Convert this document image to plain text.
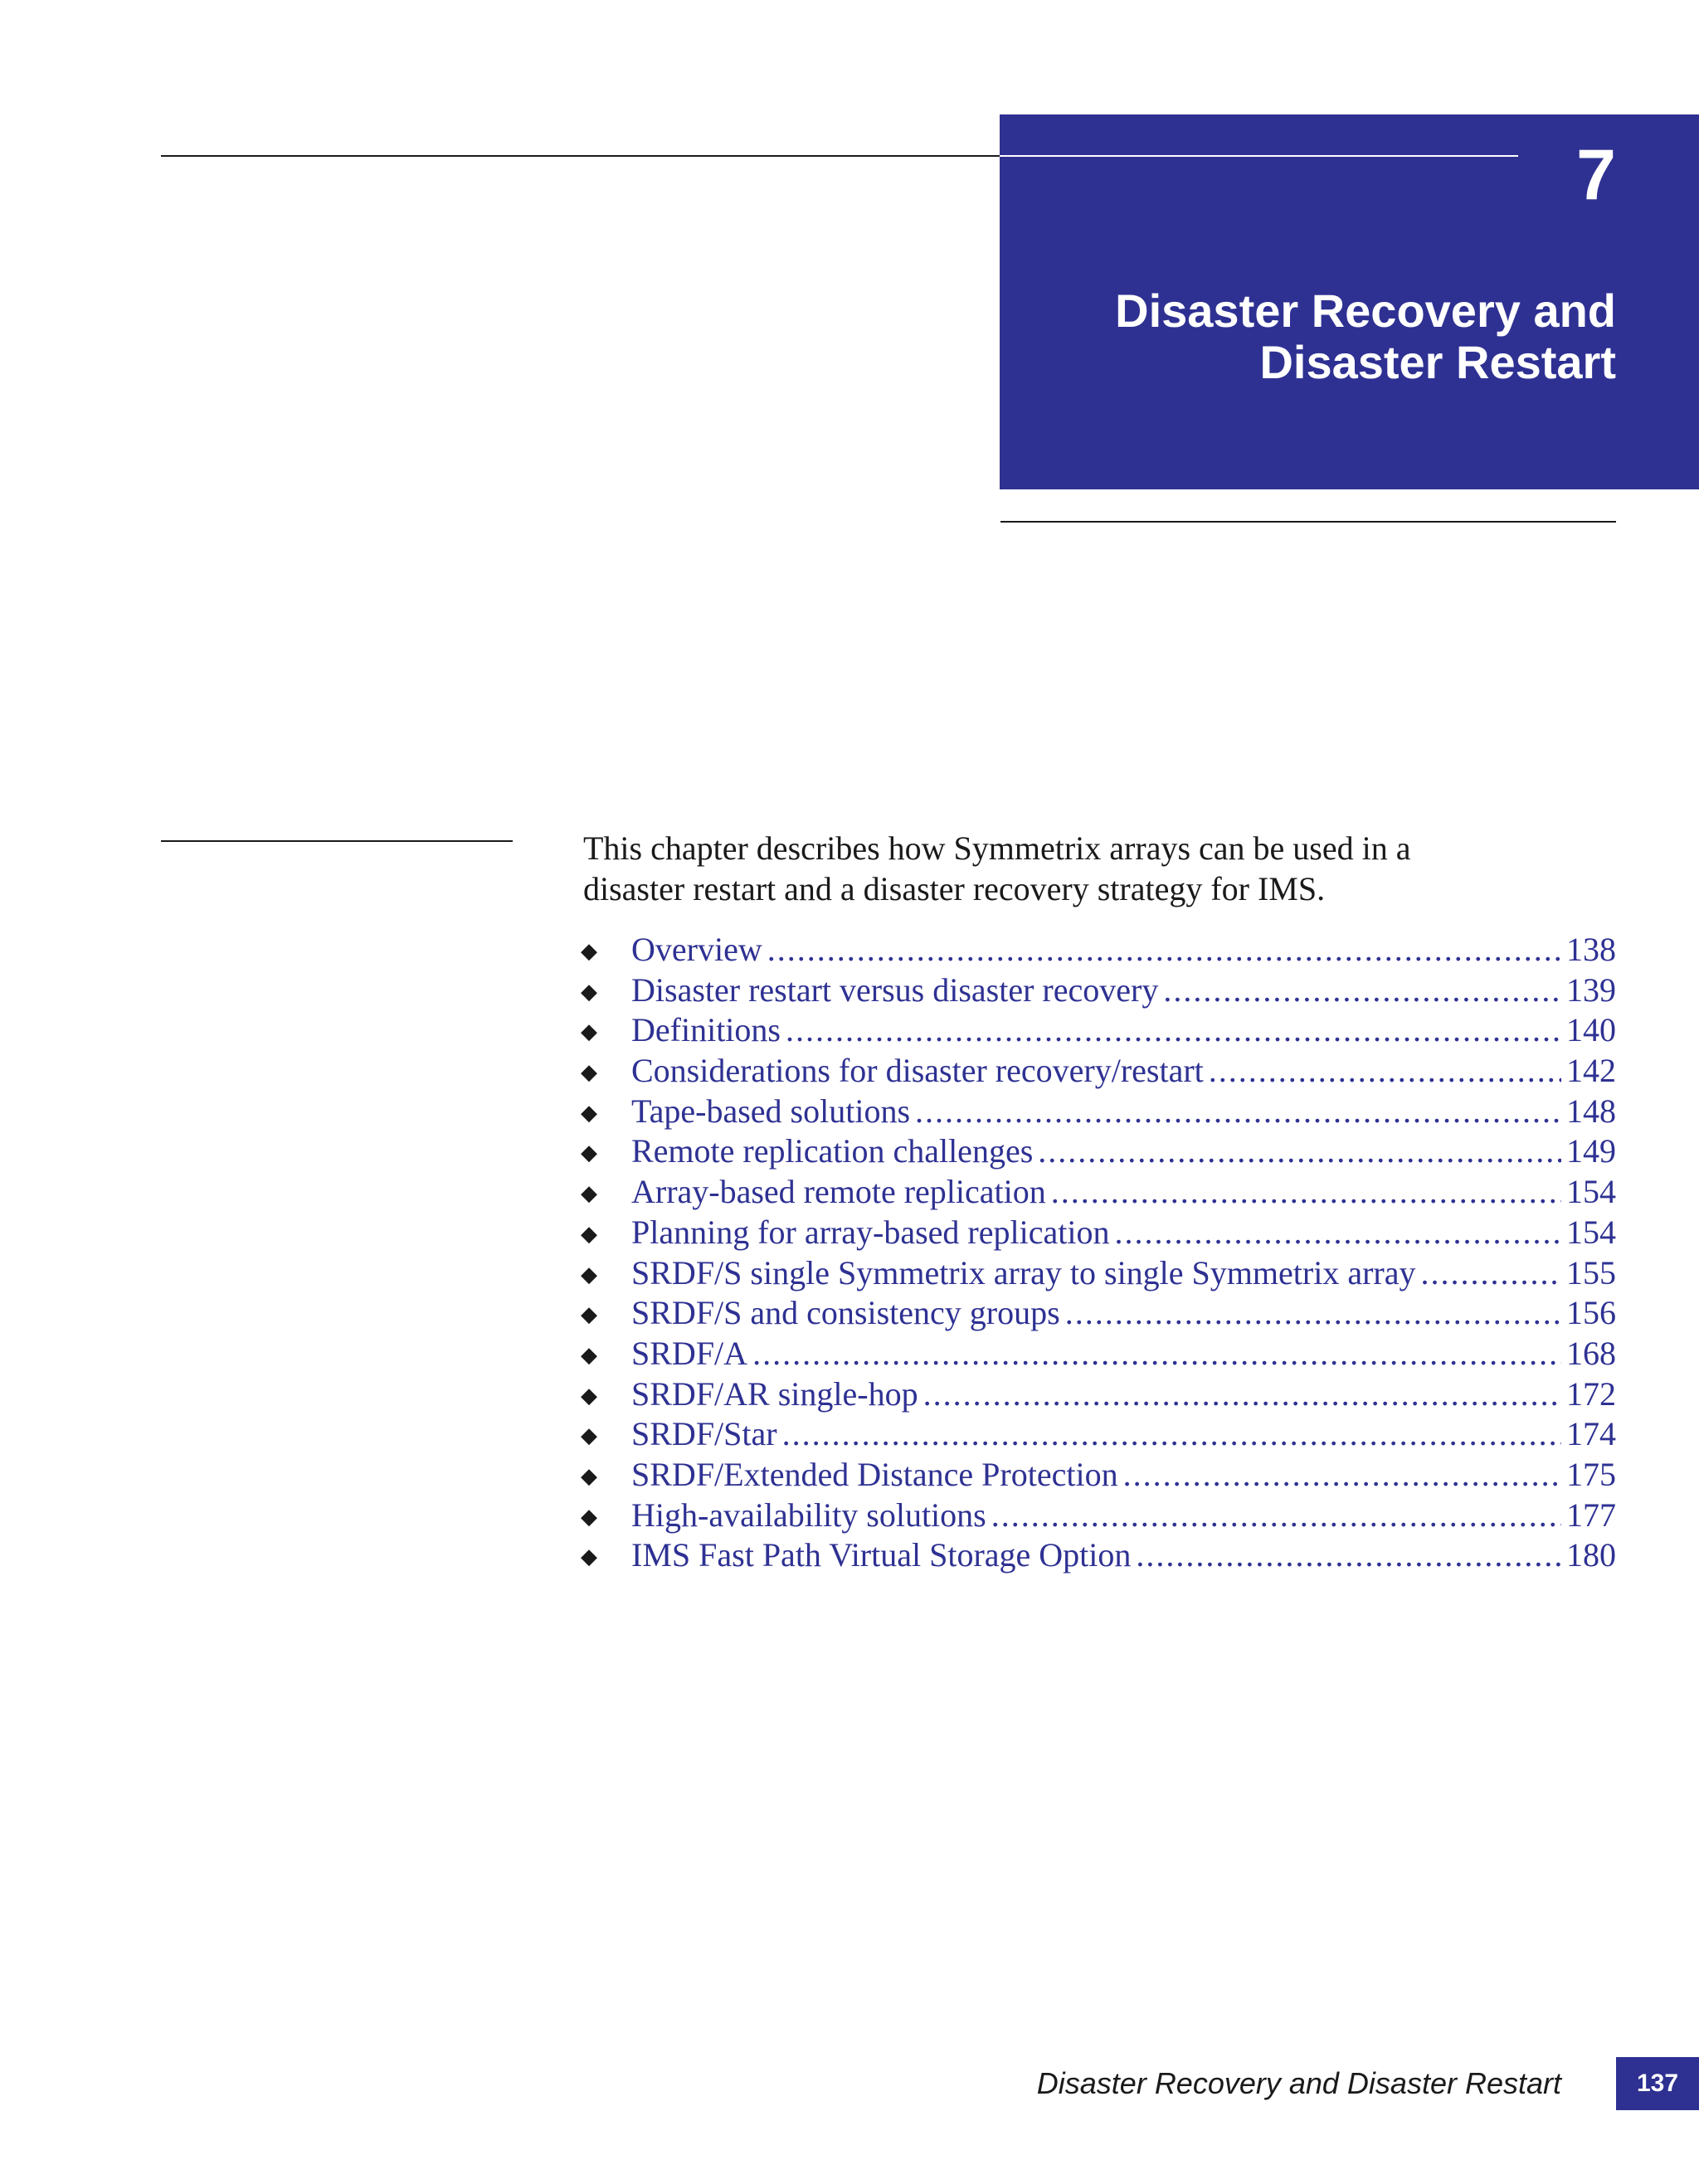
7
Disaster Recovery and
Disaster Restart

This chapter describes how Symmetrix arrays can be used in a
disaster restart and a disaster recovery strategy for IMS.

◆	Overview .....	138
◆	Disaster restart versus disaster recovery .....	139
◆	Definitions .....	140
◆	Considerations for disaster recovery/restart .....	142
◆	Tape-based solutions .....	148
◆	Remote replication challenges .....	149
◆	Array-based remote replication .....	154
◆	Planning for array-based replication .....	154
◆	SRDF/S single Symmetrix array to single Symmetrix array .....	155
◆	SRDF/S and consistency groups .....	156
◆	SRDF/A .....	168
◆	SRDF/AR single-hop .....	172
◆	SRDF/Star .....	174
◆	SRDF/Extended Distance Protection .....	175
◆	High-availability solutions .....	177
◆	IMS Fast Path Virtual Storage Option .....	180

Disaster Recovery and Disaster Restart	137
